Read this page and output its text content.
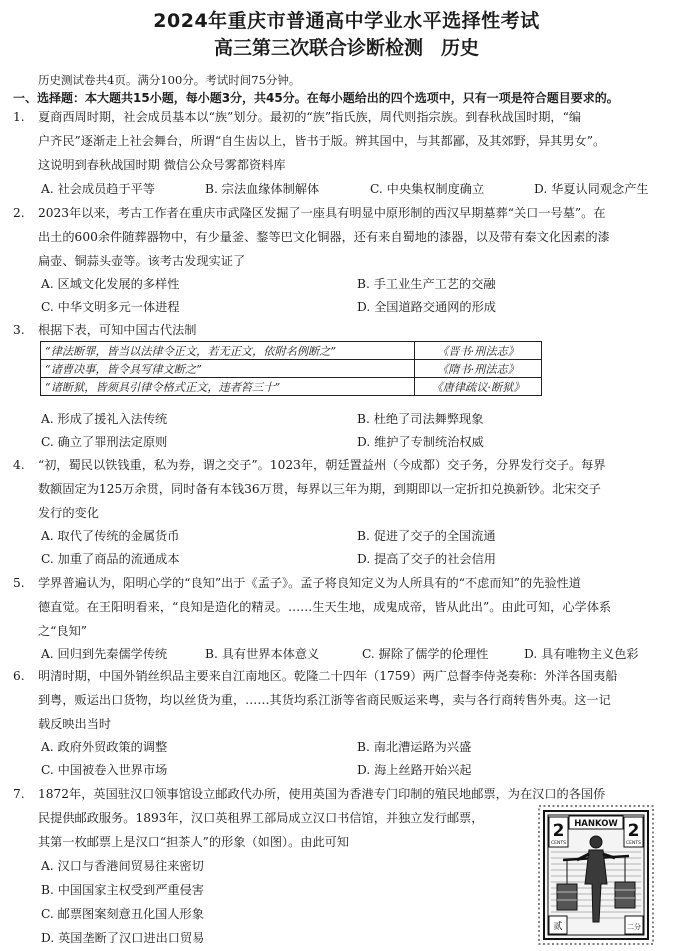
2024年重庆市普通高中学业水平选择性考试
高三第三次联合诊断检测 历史
历史测试卷共4页。满分100分。考试时间75分钟。
一、选择题：本大题共15小题，每小题3分，共45分。在每小题给出的四个选项中，只有一项是符合题目要求的。
1. 夏商西周时期，社会成员基本以“族”划分。最初的“族”指氏族，周代则指宗族。到春秋战国时期，“编
户齐民”逐渐走上社会舞台，所谓“自生齿以上，皆书于版。辨其国中，与其都鄙，及其郊野，异其男女”。
这说明到春秋战国时期 微信公众号雾都资料库
A. 社会成员趋于平等	B. 宗法血缘体制解体	C. 中央集权制度确立	D. 华夏认同观念产生
2. 2023年以来，考古工作者在重庆市武隆区发掘了一座具有明显中原形制的西汉早期墓葬“关口一号墓”。在
出土的600余件随葬器物中，有少量釜、鍪等巴文化铜器，还有来自蜀地的漆器，以及带有秦文化因素的漆
扁壶、铜蒜头壶等。该考古发现实证了
A. 区域文化发展的多样性	B. 手工业生产工艺的交融
C. 中华文明多元一体进程	D. 全国道路交通网的形成
3. 根据下表，可知中国古代法制
“律法断罪，皆当以法律令正文，若无正文，依附名例断之”	《晋书·刑法志》
“诸曹决事，皆令具写律文断之”	《隋书·刑法志》
“诸断狱，皆须具引律令格式正文，违者笞三十”	《唐律疏议·断狱》
A. 形成了援礼入法传统	B. 杜绝了司法舞弊现象
C. 确立了罪刑法定原则	D. 维护了专制统治权威
4. “初，蜀民以铁钱重，私为券，谓之交子”。1023年，朝廷置益州（今成都）交子务，分界发行交子。每界
数额固定为125万余贯，同时备有本钱36万贯，每界以三年为期，到期即以一定折扣兑换新钞。北宋交子
发行的变化
A. 取代了传统的金属货币	B. 促进了交子的全国流通
C. 加重了商品的流通成本	D. 提高了交子的社会信用
5. 学界普遍认为，阳明心学的“良知”出于《孟子》。孟子将良知定义为人所具有的“不虑而知”的先验性道
德直觉。在王阳明看来，“良知是造化的精灵。……生天生地，成鬼成帝，皆从此出”。由此可知，心学体系
之“良知”
A. 回归到先秦儒学传统	B. 具有世界本体意义	C. 摒除了儒学的伦理性	D. 具有唯物主义色彩
6. 明清时期，中国外销丝织品主要来自江南地区。乾隆二十四年（1759）两广总督李侍尧奏称：外洋各国夷船
到粤，贩运出口货物，均以丝货为重，……其货均系江浙等省商民贩运来粤，卖与各行商转售外夷。这一记
载反映出当时
A. 政府外贸政策的调整	B. 南北漕运路为兴盛
C. 中国被卷入世界市场	D. 海上丝路开始兴起
7. 1872年，英国驻汉口领事馆设立邮政代办所，使用英国为香港专门印制的殖民地邮票，为在汉口的各国侨
民提供邮政服务。1893年，汉口英租界工部局成立汉口书信馆，并独立发行邮票，
其第一枚邮票上是汉口“担茶人”的形象（如图）。由此可知
A. 汉口与香港间贸易往来密切
B. 中国国家主权受到严重侵害
C. 邮票图案刻意丑化国人形象
D. 英国垄断了汉口进出口贸易
HANKOW
2
CENTS
2
CENTS
贰	二分
